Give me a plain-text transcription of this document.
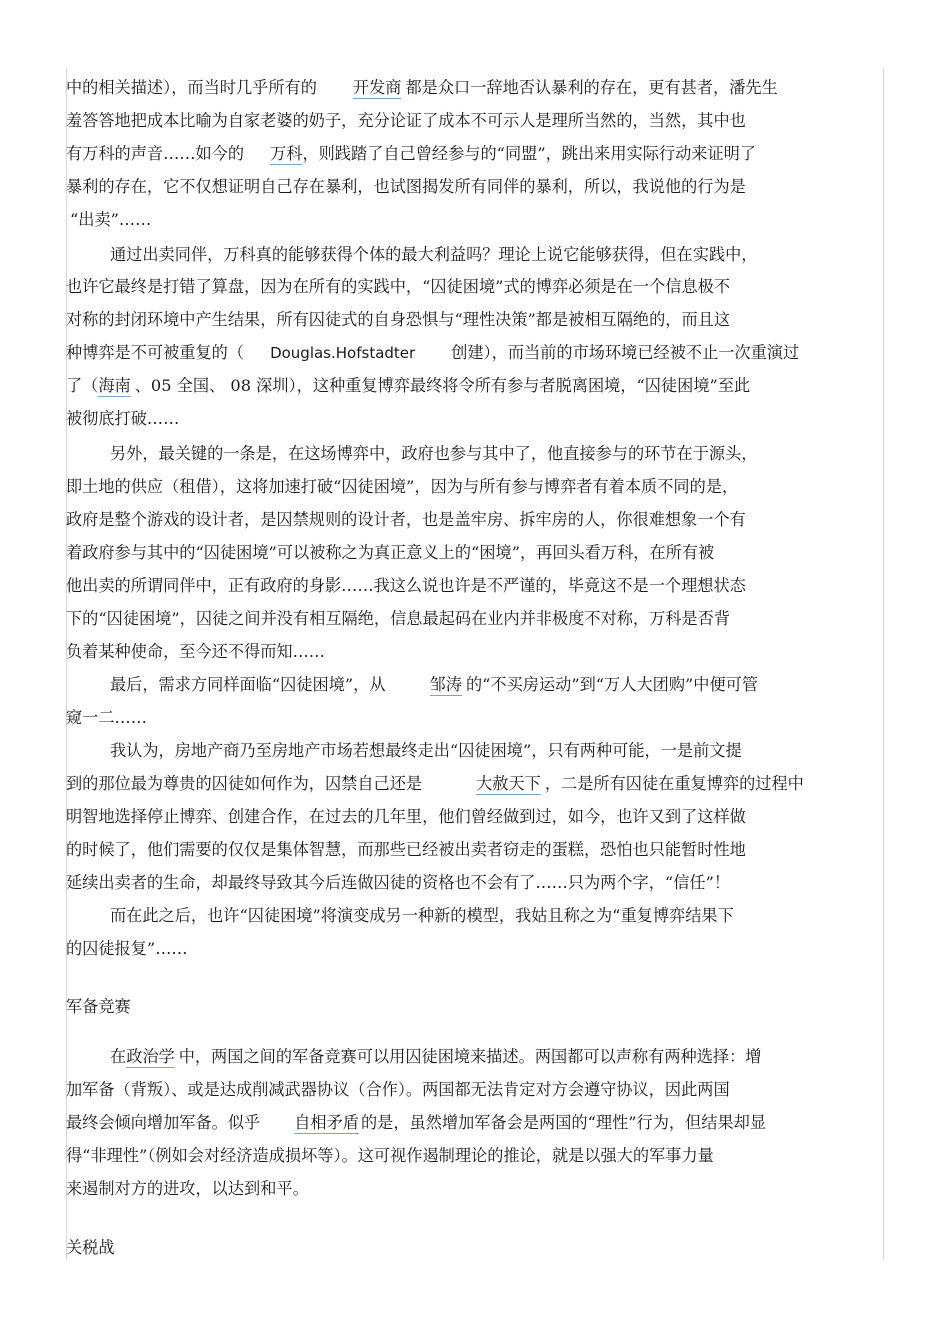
中的相关描述），而当时几乎所有的 开发商 都是众口一辞地否认暴利的存在，更有甚者，潘先生
羞答答地把成本比喻为自家老婆的奶子，充分论证了成本不可示人是理所当然的，当然，其中也
有万科的声音……如今的 万科，则践踏了自己曾经参与的“同盟”，跳出来用实际行动来证明了
暴利的存在，它不仅想证明自己存在暴利，也试图揭发所有同伴的暴利，所以，我说他的行为是
“出卖”……
通过出卖同伴，万科真的能够获得个体的最大利益吗？理论上说它能够获得，但在实践中，
也许它最终是打错了算盘，因为在所有的实践中，“囚徒困境”式的博弈必须是在一个信息极不
对称的封闭环境中产生结果，所有囚徒式的自身恐惧与“理性决策”都是被相互隔绝的，而且这
种博弈是不可被重复的（ Douglas.Hofstadter 创建），而当前的市场环境已经被不止一次重演过
了（海南 、05 全国、 08 深圳），这种重复博弈最终将令所有参与者脱离困境，“囚徒困境”至此
被彻底打破……
另外，最关键的一条是，在这场博弈中，政府也参与其中了，他直接参与的环节在于源头，
即土地的供应（租借），这将加速打破“囚徒困境”，因为与所有参与博弈者有着本质不同的是，
政府是整个游戏的设计者，是囚禁规则的设计者，也是盖牢房、拆牢房的人，你很难想象一个有
着政府参与其中的“囚徒困境”可以被称之为真正意义上的“困境”，再回头看万科，在所有被
他出卖的所谓同伴中，正有政府的身影……我这么说也许是不严谨的，毕竟这不是一个理想状态
下的“囚徒困境”，囚徒之间并没有相互隔绝，信息最起码在业内并非极度不对称，万科是否背
负着某种使命，至今还不得而知……
最后，需求方同样面临“囚徒困境”，从	邹涛 的“不买房运动”到“万人大团购”中便可管
窥一二……
我认为，房地产商乃至房地产市场若想最终走出“囚徒困境”，只有两种可能，一是前文提
到的那位最为尊贵的囚徒如何作为，囚禁自己还是	大赦天下 ，二是所有囚徒在重复博弈的过程中
明智地选择停止博弈、创建合作，在过去的几年里，他们曾经做到过，如今，也许又到了这样做
的时候了，他们需要的仅仅是集体智慧，而那些已经被出卖者窃走的蛋糕，恐怕也只能暂时性地
延续出卖者的生命，却最终导致其今后连做囚徒的资格也不会有了……只为两个字，“信任”！
而在此之后，也许“囚徒困境”将演变成另一种新的模型，我姑且称之为“重复博弈结果下
的囚徒报复”……
在政治学 中，两国之间的军备竞赛可以用囚徒困境来描述。两国都可以声称有两种选择：增
加军备（背叛）、或是达成削减武器协议（合作）。两国都无法肯定对方会遵守协议，因此两国
最终会倾向增加军备。似乎 自相矛盾 的是，虽然增加军备会是两国的“理性”行为，但结果却显
得“非理性”（例如会对经济造成损坏等）。这可视作遏制理论的推论，就是以强大的军事力量
来遏制对方的进攻，以达到和平。
军备竞赛
关税战
